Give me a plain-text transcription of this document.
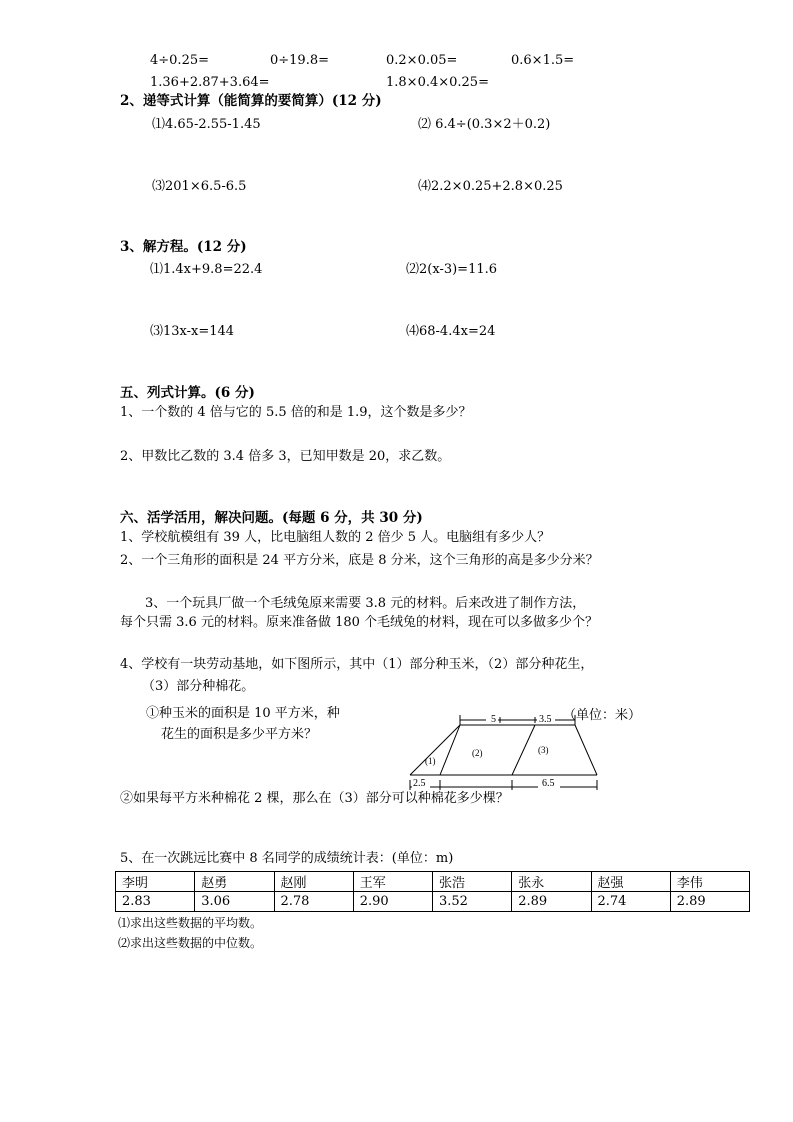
4÷0.25=	0÷19.8=	0.2×0.05=	0.6×1.5=
1.36+2.87+3.64=	1.8×0.4×0.25=
2、递等式计算（能简算的要简算）(12 分)
⑴4.65-2.55-1.45	⑵ 6.4÷(0.3×2＋0.2)
⑶201×6.5-6.5	⑷2.2×0.25+2.8×0.25
3、解方程。(12 分)
⑴1.4x+9.8=22.4	⑵2(x-3)=11.6
⑶13x-x=144	⑷68-4.4x=24
五、列式计算。(6 分)
1、一个数的 4 倍与它的 5.5 倍的和是 1.9，这个数是多少？
2、甲数比乙数的 3.4 倍多 3，已知甲数是 20，求乙数。
六、活学活用，解决问题。(每题 6 分，共 30 分)
1、学校航模组有 39 人，比电脑组人数的 2 倍少 5 人。电脑组有多少人？
2、一个三角形的面积是 24 平方分米，底是 8 分米，这个三角形的高是多少分米？
3、一个玩具厂做一个毛绒兔原来需要 3.8 元的材料。后来改进了制作方法，
每个只需 3.6 元的材料。原来准备做 180 个毛绒兔的材料，现在可以多做多少个？
4、学校有一块劳动基地，如下图所示，其中（1）部分种玉米，（2）部分种花生，
（3）部分种棉花。
①种玉米的面积是 10 平方米，种
花生的面积是多少平方米？
5	3.5 （单位：米）
(1)
(2)	(3)
2.5	6.5
②如果每平方米种棉花 2 棵，那么在（3）部分可以种棉花多少棵？
5、在一次跳远比赛中 8 名同学的成绩统计表：(单位：m)
李明	赵勇	赵刚	王军	张浩	张永	赵强	李伟
2.83	3.06	2.78	2.90	3.52	2.89	2.74	2.89
⑴求出这些数据的平均数。
⑵求出这些数据的中位数。
